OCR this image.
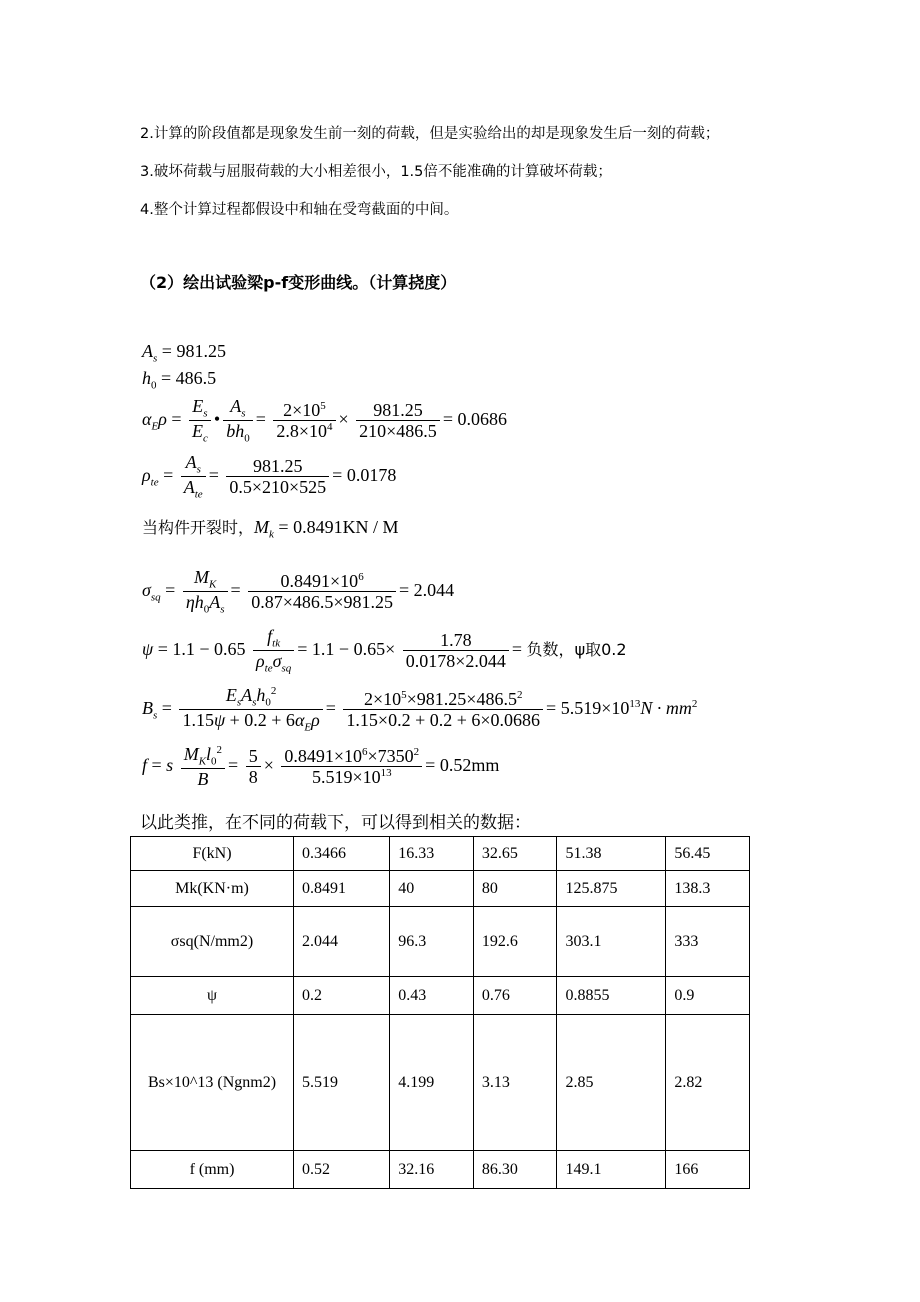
2.计算的阶段值都是现象发生前一刻的荷载，但是实验给出的却是现象发生后一刻的荷载；
3.破坏荷载与屈服荷载的大小相差很小，1.5倍不能准确的计算破坏荷载；
4.整个计算过程都假设中和轴在受弯截面的中间。
（2）绘出试验梁p-f变形曲线。（计算挠度）
$A_s = 981.25$
$h_0 = 486.5$
$\alpha_E\rho = \frac{E_s}{E_c}$ • $\frac{A_s}{bh_0} = \frac{2\times 10^5}{2.8\times 10^4} \times \frac{981.25}{210\times 486.5} = 0.0686$
$\rho_{te}$ =
$A_s$
$A_{te}$
= $\frac{981.25}{0.5\times 210\times 525} = 0.0178$
当构件开裂时，$M_k = 0.8491KN / M$
$\sigma_{sq} = \frac{M_K}{\eta h_0A_s} = \frac{0.8491\times 10^6}{0.87\times 486.5\times 981.25} = 2.044$
ψ = 1.1 − 0.65
$f_{tk}$
$\rho_{te}\sigma_{sq}$
= $1.1 - 0.65\times \frac{1.78}{0.0178\times 2.044}$ = 负数，ψ取0.2
$B_s$ =
$E_sA_sh_0^2$
$1.15\psi + 0.2 + 6\alpha_E\rho$
= $\frac{2\times 10^5\times 981.25\times 486.5^2}{1.15\times 0.2 + 0.2 + 6\times 0.0686} = 5.519\times 10^{13}N \cdot mm^2$
f = s
$M_Kl_0^2$
B
= $\frac{5}{8} \times \frac{0.8491\times 10^6\times 7350^2}{5.519\times 10^{13}} = 0.52mm$
以此类推，在不同的荷载下，可以得到相关的数据：
F(kN)	0.3466	16.33	32.65	51.38	56.45
Mk(KN·m)	0.8491	40	80	125.875	138.3
σsq(N/mm2)	2.044	96.3	192.6	303.1	333
ψ	0.2	0.43	0.76	0.8855	0.9
Bs×10^13 (Ngnm2)	5.519	4.199	3.13	2.85	2.82
f (mm)	0.52	32.16	86.30	149.1	166
